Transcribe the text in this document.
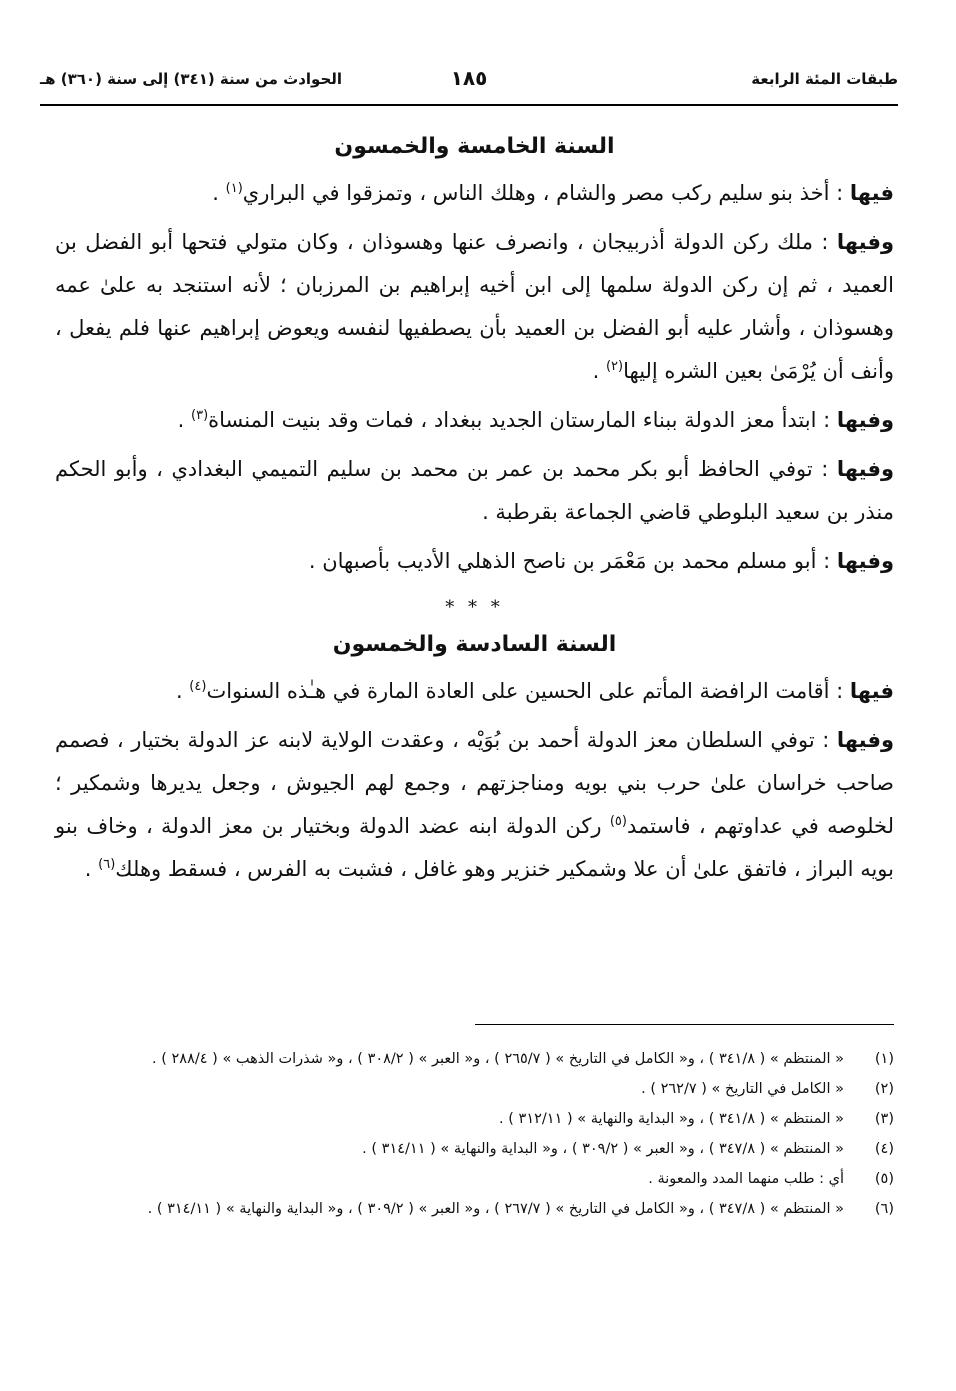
طبقات المئة الرابعة
١٨٥
الحوادث من سنة (٣٤١) إلى سنة (٣٦٠) هـ
السنة الخامسة والخمسون

فيها : أخذ بنو سليم ركب مصر والشام ، وهلك الناس ، وتمزقوا في البراري$^{(١)}$ .

وفيها : ملك ركن الدولة أذربيجان ، وانصرف عنها وهسوذان ، وكان متولي فتحها أبو الفضل بن العميد ، ثم إن ركن الدولة سلمها إلى ابن أخيه إبراهيم بن المرزبان ؛ لأنه استنجد به علىٰ عمه وهسوذان ، وأشار عليه أبو الفضل بن العميد بأن يصطفيها لنفسه ويعوض إبراهيم عنها فلم يفعل ، وأنف أن يُرْمَىٰ بعين الشره إليها$^{(٢)}$ .

وفيها : ابتدأ معز الدولة ببناء المارستان الجديد ببغداد ، فمات وقد بنيت المنساة$^{(٣)}$ .

وفيها : توفي الحافظ أبو بكر محمد بن عمر بن محمد بن سليم التميمي البغدادي ، وأبو الحكم منذر بن سعيد البلوطي قاضي الجماعة بقرطبة .

وفيها : أبو مسلم محمد بن مَعْمَر بن ناصح الذهلي الأديب بأصبهان .

* * *
السنة السادسة والخمسون

فيها : أقامت الرافضة المأتم على الحسين على العادة المارة في هـٰذه السنوات$^{(٤)}$ .

وفيها : توفي السلطان معز الدولة أحمد بن بُوَيْه ، وعقدت الولاية لابنه عز الدولة بختيار ، فصمم صاحب خراسان علىٰ حرب بني بويه ومناجزتهم ، وجمع لهم الجيوش ، وجعل يديرها وشمكير ؛ لخلوصه في عداوتهم ، فاستمد$^{(٥)}$ ركن الدولة ابنه عضد الدولة وبختيار بن معز الدولة ، وخاف بنو بويه البراز ، فاتفق علىٰ أن علا وشمكير خنزير وهو غافل ، فشبت به الفرس ، فسقط وهلك$^{(٦)}$ .

(١)
« المنتظم » ( ٣٤١/٨ ) ، و« الكامل في التاريخ » ( ٢٦٥/٧ ) ، و« العبر » ( ٣٠٨/٢ ) ، و« شذرات الذهب » ( ٢٨٨/٤ ) .
(٢)
« الكامل في التاريخ » ( ٢٦٢/٧ ) .
(٣)
« المنتظم » ( ٣٤١/٨ ) ، و« البداية والنهاية » ( ٣١٢/١١ ) .
(٤)
« المنتظم » ( ٣٤٧/٨ ) ، و« العبر » ( ٣٠٩/٢ ) ، و« البداية والنهاية » ( ٣١٤/١١ ) .
(٥)
أي : طلب منهما المدد والمعونة .
(٦)
« المنتظم » ( ٣٤٧/٨ ) ، و« الكامل في التاريخ » ( ٢٦٧/٧ ) ، و« العبر » ( ٣٠٩/٢ ) ، و« البداية والنهاية » ( ٣١٤/١١ ) .
